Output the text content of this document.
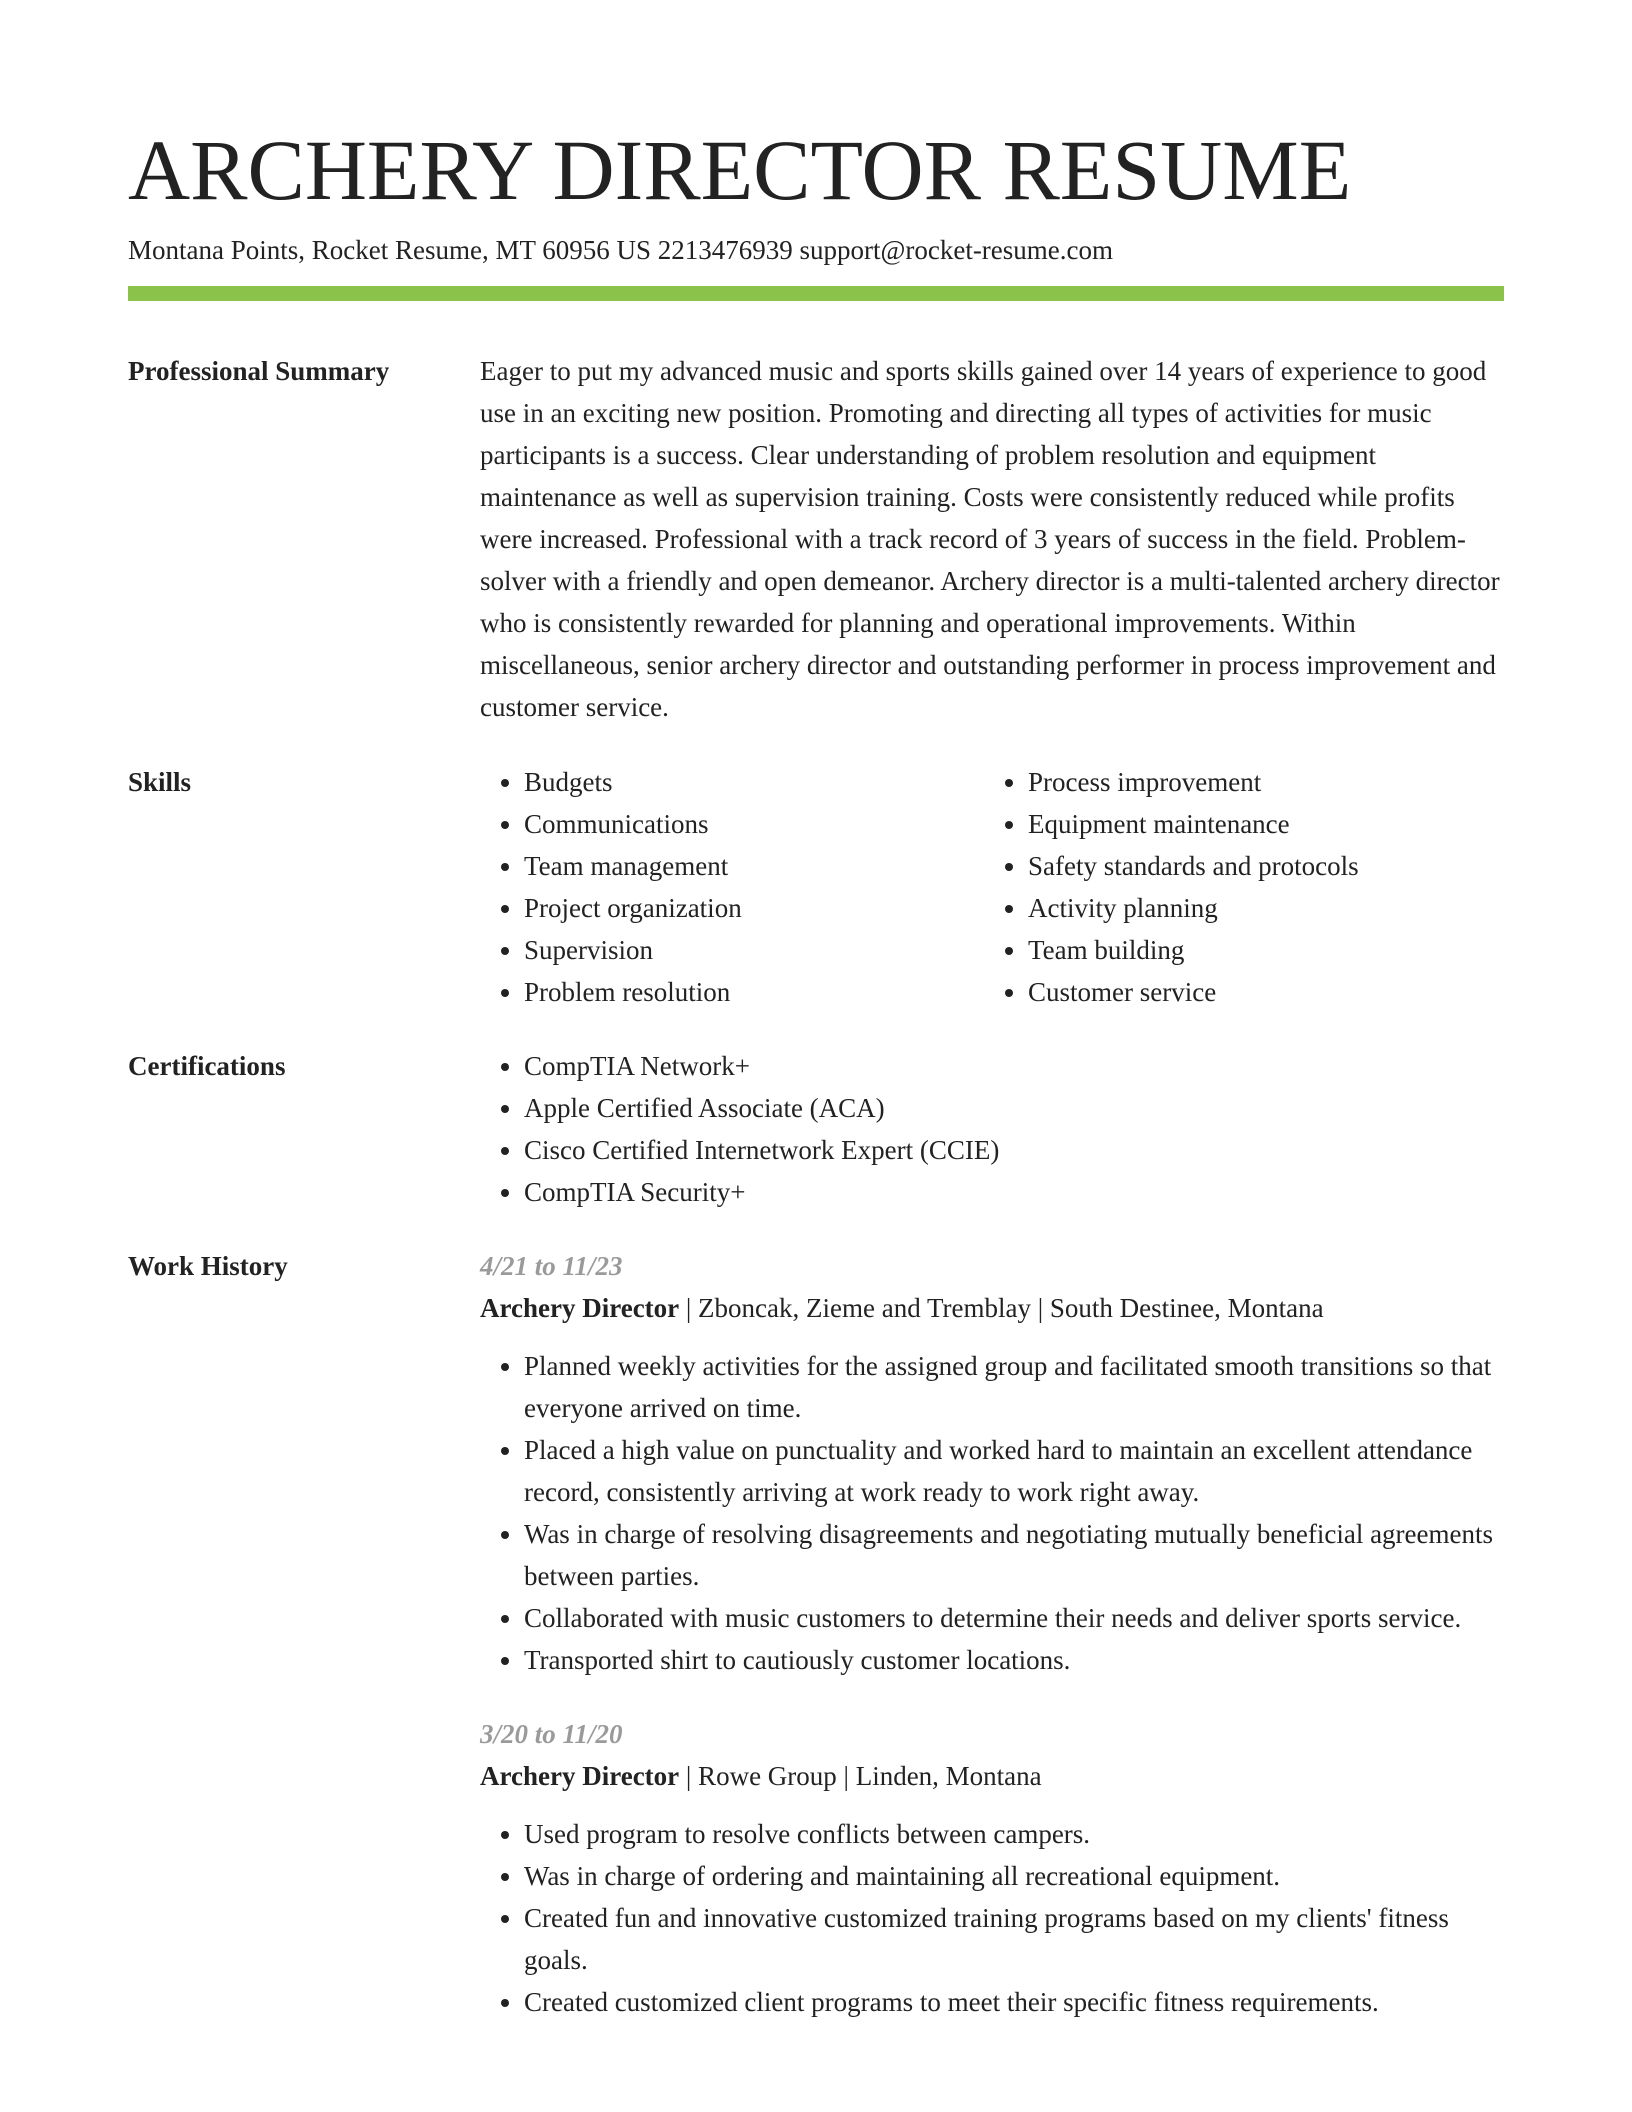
ARCHERY DIRECTOR RESUME
Montana Points, Rocket Resume, MT 60956 US 2213476939 support@rocket-resume.com
Professional Summary	Eager to put my advanced music and sports skills gained over 14 years of experience to good use in an exciting new position. Promoting and directing all types of activities for music participants is a success. Clear understanding of problem resolution and equipment maintenance as well as supervision training. Costs were consistently reduced while profits were increased. Professional with a track record of 3 years of success in the field. Problem-solver with a friendly and open demeanor. Archery director is a multi-talented archery director who is consistently rewarded for planning and operational improvements. Within miscellaneous, senior archery director and outstanding performer in process improvement and customer service.

Skills	• Budgets
• Communications
• Team management
• Project organization
• Supervision
• Problem resolution
• Process improvement
• Equipment maintenance
• Safety standards and protocols
• Activity planning
• Team building
• Customer service
Certifications	• CompTIA Network+
• Apple Certified Associate (ACA)
• Cisco Certified Internetwork Expert (CCIE)
• CompTIA Security+
Work History	4/21 to 11/23
Archery Director | Zboncak, Zieme and Tremblay | South Destinee, Montana
• Planned weekly activities for the assigned group and facilitated smooth transitions so that everyone arrived on time.
• Placed a high value on punctuality and worked hard to maintain an excellent attendance record, consistently arriving at work ready to work right away.
• Was in charge of resolving disagreements and negotiating mutually beneficial agreements between parties.
• Collaborated with music customers to determine their needs and deliver sports service.
• Transported shirt to cautiously customer locations.
3/20 to 11/20
Archery Director | Rowe Group | Linden, Montana
• Used program to resolve conflicts between campers.
• Was in charge of ordering and maintaining all recreational equipment.
• Created fun and innovative customized training programs based on my clients' fitness goals.
• Created customized client programs to meet their specific fitness requirements.
